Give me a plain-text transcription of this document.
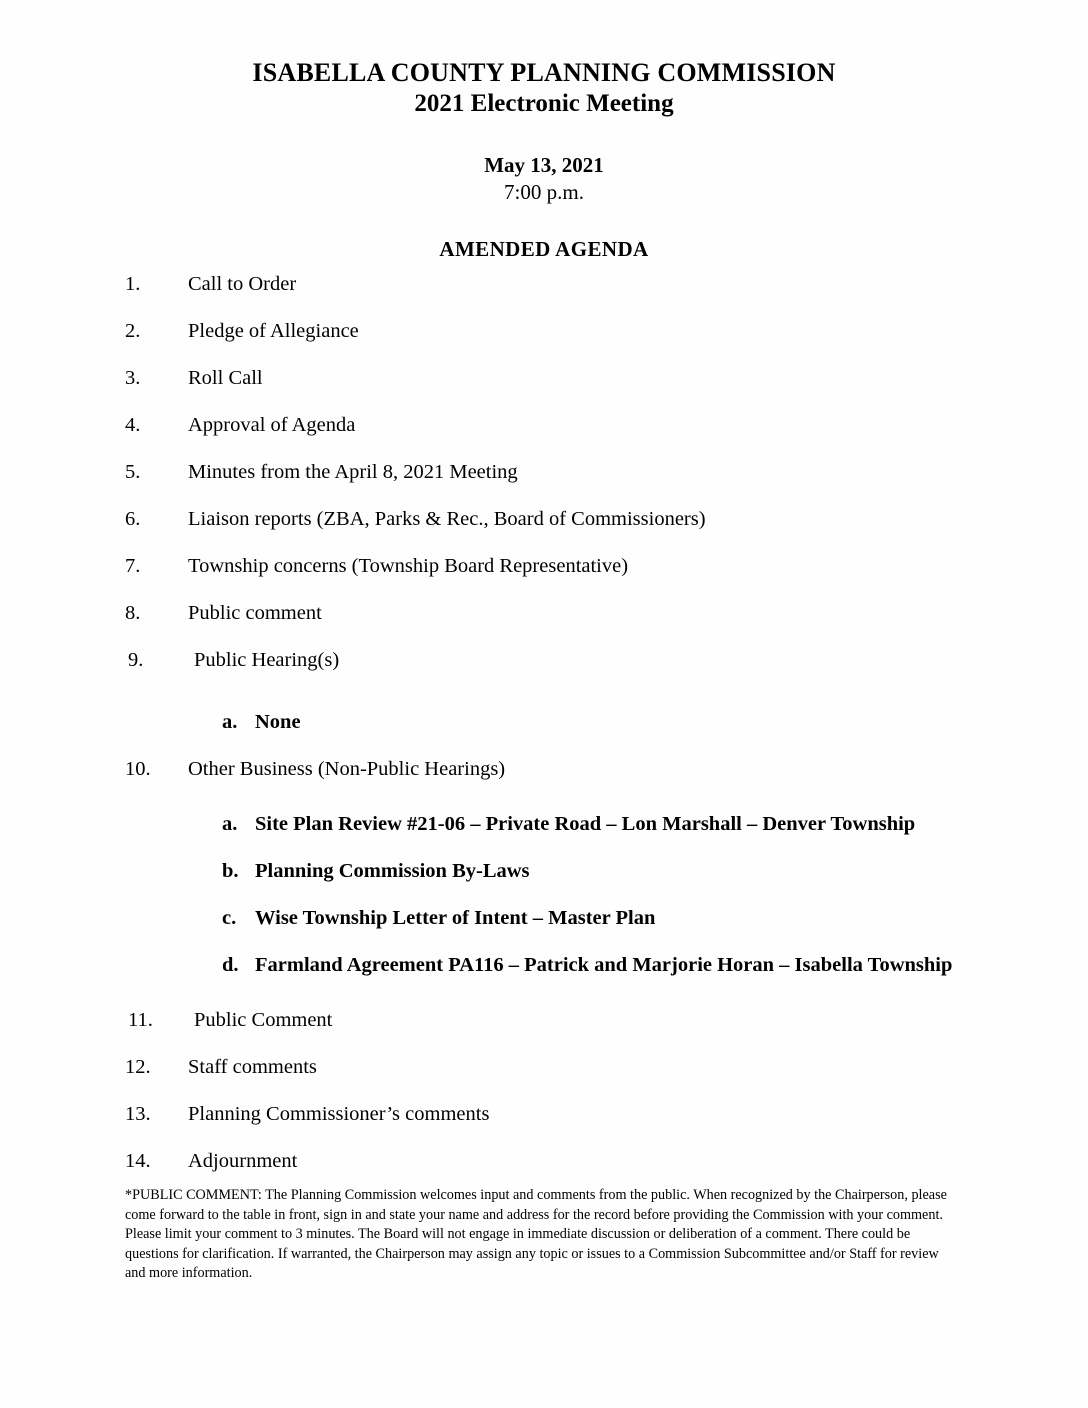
ISABELLA COUNTY PLANNING COMMISSION
2021 Electronic Meeting
May 13, 2021
7:00 p.m.
AMENDED AGENDA
1.	Call to Order
2.	Pledge of Allegiance
3.	Roll Call
4.	Approval of Agenda
5.	Minutes from the April 8, 2021 Meeting
6.	Liaison reports (ZBA, Parks & Rec., Board of Commissioners)
7.	Township concerns (Township Board Representative)
8.	Public comment
9.	Public Hearing(s)
a. None
10.	Other Business (Non-Public Hearings)
a. Site Plan Review #21-06 – Private Road – Lon Marshall – Denver Township
b. Planning Commission By-Laws
c. Wise Township Letter of Intent – Master Plan
d. Farmland Agreement PA116 – Patrick and Marjorie Horan – Isabella Township
11.	Public Comment
12.	Staff comments
13.	Planning Commissioner’s comments
14.	Adjournment
*PUBLIC COMMENT: The Planning Commission welcomes input and comments from the public. When recognized by the Chairperson, please come forward to the table in front, sign in and state your name and address for the record before providing the Commission with your comment. Please limit your comment to 3 minutes. The Board will not engage in immediate discussion or deliberation of a comment. There could be questions for clarification. If warranted, the Chairperson may assign any topic or issues to a Commission Subcommittee and/or Staff for review and more information.
